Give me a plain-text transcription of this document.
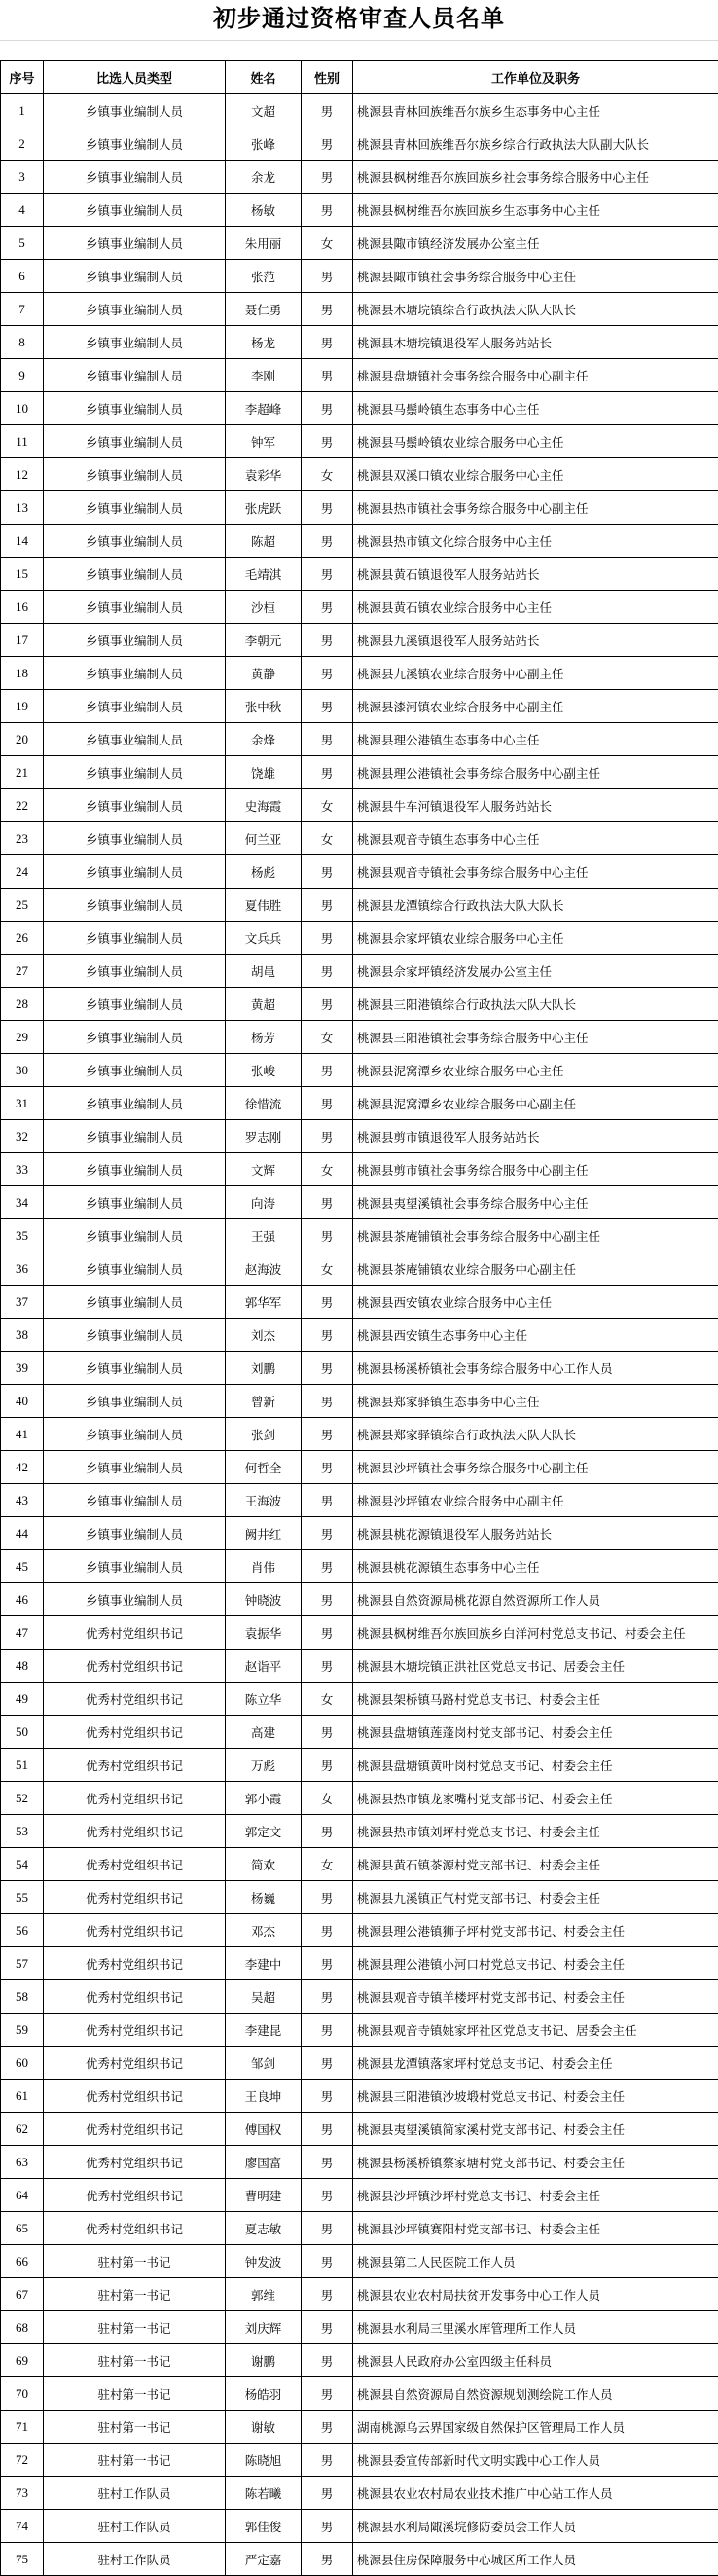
初步通过资格审查人员名单
序号	比选人员类型	姓名	性别	工作单位及职务
1	乡镇事业编制人员	文超	男	桃源县青林回族维吾尔族乡生态事务中心主任
2	乡镇事业编制人员	张峰	男	桃源县青林回族维吾尔族乡综合行政执法大队副大队长
3	乡镇事业编制人员	余龙	男	桃源县枫树维吾尔族回族乡社会事务综合服务中心主任
4	乡镇事业编制人员	杨敏	男	桃源县枫树维吾尔族回族乡生态事务中心主任
5	乡镇事业编制人员	朱用丽	女	桃源县陬市镇经济发展办公室主任
6	乡镇事业编制人员	张范	男	桃源县陬市镇社会事务综合服务中心主任
7	乡镇事业编制人员	聂仁勇	男	桃源县木塘垸镇综合行政执法大队大队长
8	乡镇事业编制人员	杨龙	男	桃源县木塘垸镇退役军人服务站站长
9	乡镇事业编制人员	李刚	男	桃源县盘塘镇社会事务综合服务中心副主任
10	乡镇事业编制人员	李超峰	男	桃源县马鬃岭镇生态事务中心主任
11	乡镇事业编制人员	钟军	男	桃源县马鬃岭镇农业综合服务中心主任
12	乡镇事业编制人员	袁彩华	女	桃源县双溪口镇农业综合服务中心主任
13	乡镇事业编制人员	张虎跃	男	桃源县热市镇社会事务综合服务中心副主任
14	乡镇事业编制人员	陈超	男	桃源县热市镇文化综合服务中心主任
15	乡镇事业编制人员	毛靖淇	男	桃源县黄石镇退役军人服务站站长
16	乡镇事业编制人员	沙桓	男	桃源县黄石镇农业综合服务中心主任
17	乡镇事业编制人员	李朝元	男	桃源县九溪镇退役军人服务站站长
18	乡镇事业编制人员	黄静	男	桃源县九溪镇农业综合服务中心副主任
19	乡镇事业编制人员	张中秋	男	桃源县漆河镇农业综合服务中心副主任
20	乡镇事业编制人员	余烽	男	桃源县理公港镇生态事务中心主任
21	乡镇事业编制人员	饶雄	男	桃源县理公港镇社会事务综合服务中心副主任
22	乡镇事业编制人员	史海霞	女	桃源县牛车河镇退役军人服务站站长
23	乡镇事业编制人员	何兰亚	女	桃源县观音寺镇生态事务中心主任
24	乡镇事业编制人员	杨彪	男	桃源县观音寺镇社会事务综合服务中心主任
25	乡镇事业编制人员	夏伟胜	男	桃源县龙潭镇综合行政执法大队大队长
26	乡镇事业编制人员	文兵兵	男	桃源县佘家坪镇农业综合服务中心主任
27	乡镇事业编制人员	胡黾	男	桃源县佘家坪镇经济发展办公室主任
28	乡镇事业编制人员	黄超	男	桃源县三阳港镇综合行政执法大队大队长
29	乡镇事业编制人员	杨芳	女	桃源县三阳港镇社会事务综合服务中心主任
30	乡镇事业编制人员	张峻	男	桃源县泥窝潭乡农业综合服务中心主任
31	乡镇事业编制人员	徐惜流	男	桃源县泥窝潭乡农业综合服务中心副主任
32	乡镇事业编制人员	罗志刚	男	桃源县剪市镇退役军人服务站站长
33	乡镇事业编制人员	文辉	女	桃源县剪市镇社会事务综合服务中心副主任
34	乡镇事业编制人员	向涛	男	桃源县夷望溪镇社会事务综合服务中心主任
35	乡镇事业编制人员	王强	男	桃源县茶庵铺镇社会事务综合服务中心副主任
36	乡镇事业编制人员	赵海波	女	桃源县茶庵铺镇农业综合服务中心副主任
37	乡镇事业编制人员	郭华军	男	桃源县西安镇农业综合服务中心主任
38	乡镇事业编制人员	刘杰	男	桃源县西安镇生态事务中心主任
39	乡镇事业编制人员	刘鹏	男	桃源县杨溪桥镇社会事务综合服务中心工作人员
40	乡镇事业编制人员	曾新	男	桃源县郑家驿镇生态事务中心主任
41	乡镇事业编制人员	张剑	男	桃源县郑家驿镇综合行政执法大队大队长
42	乡镇事业编制人员	何哲全	男	桃源县沙坪镇社会事务综合服务中心副主任
43	乡镇事业编制人员	王海波	男	桃源县沙坪镇农业综合服务中心副主任
44	乡镇事业编制人员	阙井红	男	桃源县桃花源镇退役军人服务站站长
45	乡镇事业编制人员	肖伟	男	桃源县桃花源镇生态事务中心主任
46	乡镇事业编制人员	钟晓波	男	桃源县自然资源局桃花源自然资源所工作人员
47	优秀村党组织书记	袁振华	男	桃源县枫树维吾尔族回族乡白洋河村党总支书记、村委会主任
48	优秀村党组织书记	赵诣平	男	桃源县木塘垸镇正洪社区党总支书记、居委会主任
49	优秀村党组织书记	陈立华	女	桃源县架桥镇马路村党总支书记、村委会主任
50	优秀村党组织书记	高建	男	桃源县盘塘镇莲蓬岗村党支部书记、村委会主任
51	优秀村党组织书记	万彪	男	桃源县盘塘镇黄叶岗村党总支书记、村委会主任
52	优秀村党组织书记	郭小霞	女	桃源县热市镇龙家嘴村党支部书记、村委会主任
53	优秀村党组织书记	郭定文	男	桃源县热市镇刘坪村党总支书记、村委会主任
54	优秀村党组织书记	简欢	女	桃源县黄石镇茶源村党支部书记、村委会主任
55	优秀村党组织书记	杨巍	男	桃源县九溪镇正气村党支部书记、村委会主任
56	优秀村党组织书记	邓杰	男	桃源县理公港镇狮子坪村党支部书记、村委会主任
57	优秀村党组织书记	李建中	男	桃源县理公港镇小河口村党总支书记、村委会主任
58	优秀村党组织书记	吴超	男	桃源县观音寺镇羊楼坪村党支部书记、村委会主任
59	优秀村党组织书记	李建昆	男	桃源县观音寺镇姚家坪社区党总支书记、居委会主任
60	优秀村党组织书记	邹剑	男	桃源县龙潭镇落家坪村党总支书记、村委会主任
61	优秀村党组织书记	王良坤	男	桃源县三阳港镇沙坡塅村党总支书记、村委会主任
62	优秀村党组织书记	傅国权	男	桃源县夷望溪镇简家溪村党支部书记、村委会主任
63	优秀村党组织书记	廖国富	男	桃源县杨溪桥镇蔡家塘村党支部书记、村委会主任
64	优秀村党组织书记	曹明建	男	桃源县沙坪镇沙坪村党总支书记、村委会主任
65	优秀村党组织书记	夏志敏	男	桃源县沙坪镇赛阳村党支部书记、村委会主任
66	驻村第一书记	钟发波	男	桃源县第二人民医院工作人员
67	驻村第一书记	郭维	男	桃源县农业农村局扶贫开发事务中心工作人员
68	驻村第一书记	刘庆辉	男	桃源县水利局三里溪水库管理所工作人员
69	驻村第一书记	谢鹏	男	桃源县人民政府办公室四级主任科员
70	驻村第一书记	杨皓羽	男	桃源县自然资源局自然资源规划测绘院工作人员
71	驻村第一书记	谢敏	男	湖南桃源乌云界国家级自然保护区管理局工作人员
72	驻村第一书记	陈晓旭	男	桃源县委宣传部新时代文明实践中心工作人员
73	驻村工作队员	陈若曦	男	桃源县农业农村局农业技术推广中心站工作人员
74	驻村工作队员	郭佳俊	男	桃源县水利局陬溪垸修防委员会工作人员
75	驻村工作队员	严定嘉	男	桃源县住房保障服务中心城区所工作人员
